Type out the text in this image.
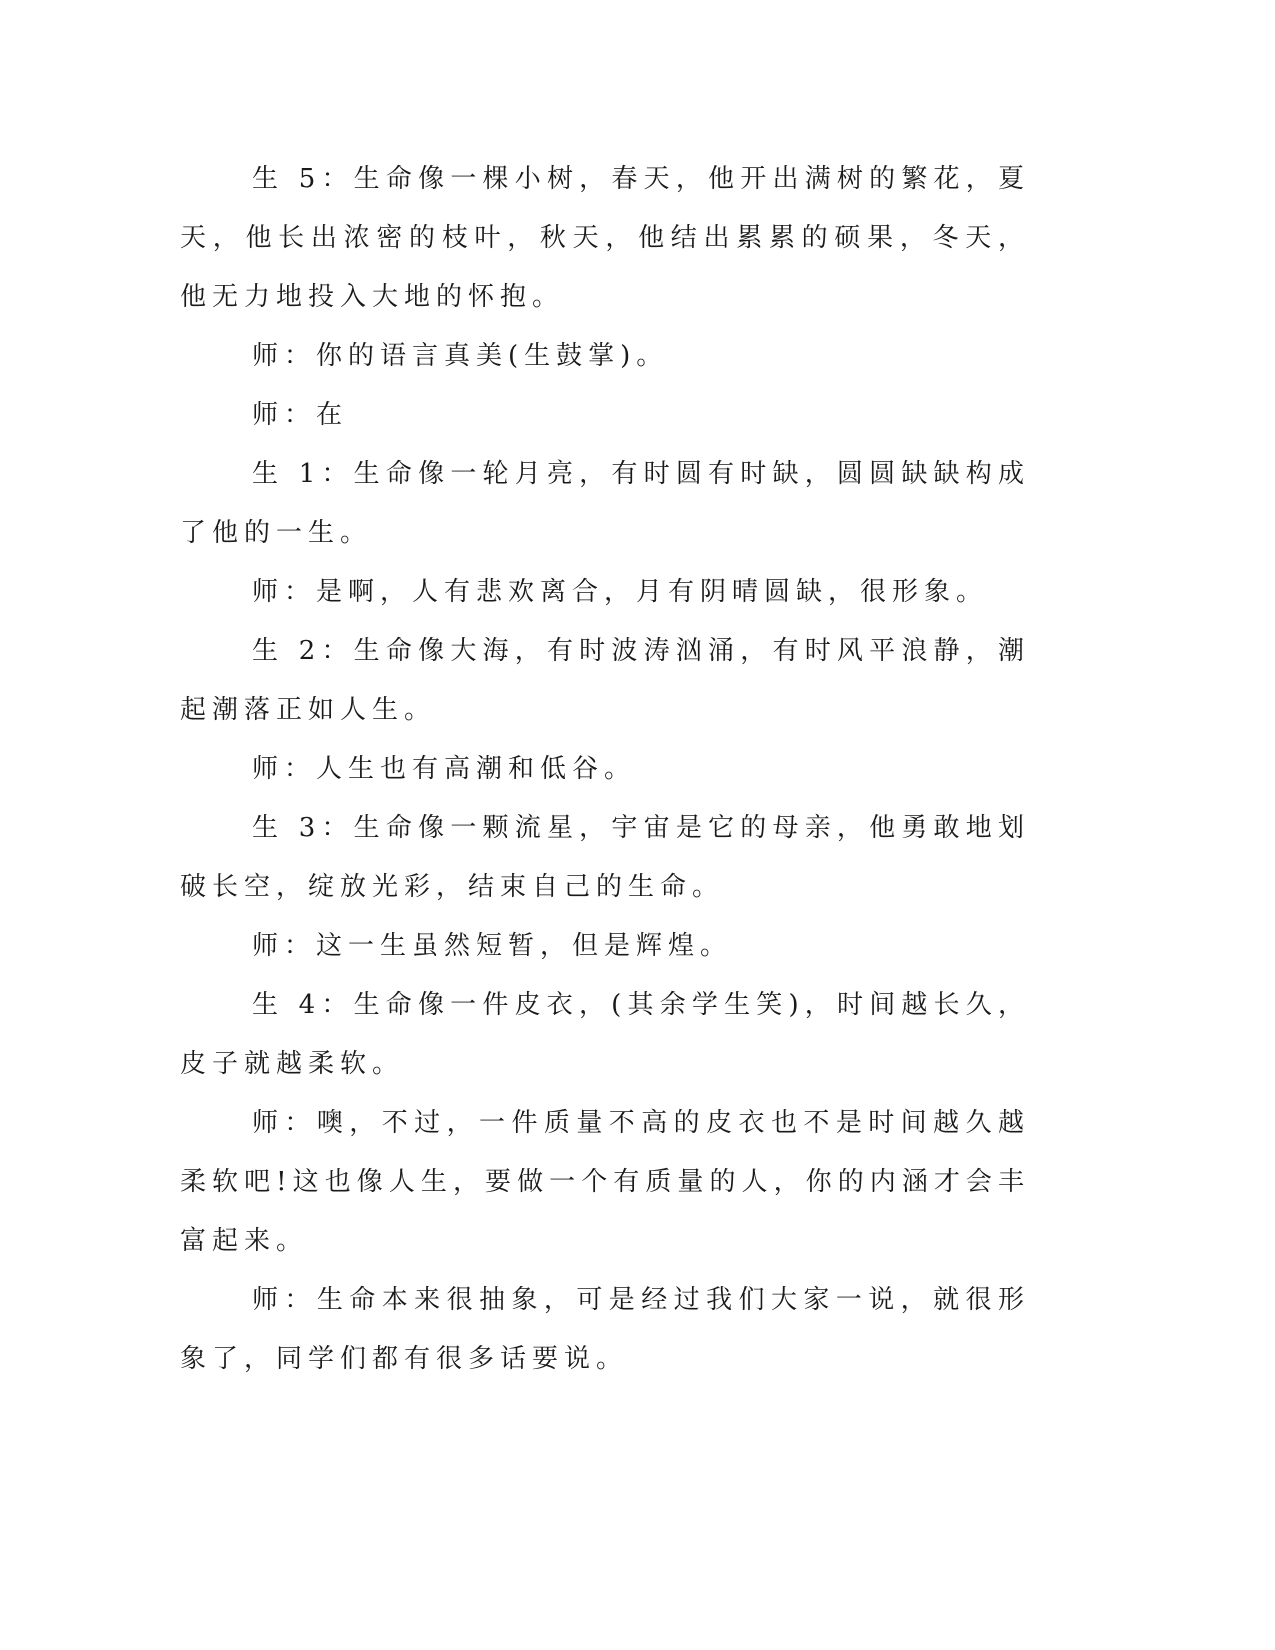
生 5：生命像一棵小树，春天，他开出满树的繁花，夏天，他长出浓密的枝叶，秋天，他结出累累的硕果，冬天，他无力地投入大地的怀抱。

师：你的语言真美(生鼓掌)。

师：在

生 1：生命像一轮月亮，有时圆有时缺，圆圆缺缺构成了他的一生。

师：是啊，人有悲欢离合，月有阴晴圆缺，很形象。

生 2：生命像大海，有时波涛汹涌，有时风平浪静，潮起潮落正如人生。

师：人生也有高潮和低谷。

生 3：生命像一颗流星，宇宙是它的母亲，他勇敢地划破长空，绽放光彩，结束自己的生命。

师：这一生虽然短暂，但是辉煌。

生 4：生命像一件皮衣，(其余学生笑)，时间越长久，皮子就越柔软。

师：噢，不过，一件质量不高的皮衣也不是时间越久越柔软吧!这也像人生，要做一个有质量的人，你的内涵才会丰富起来。

师：生命本来很抽象，可是经过我们大家一说，就很形象了，同学们都有很多话要说。
